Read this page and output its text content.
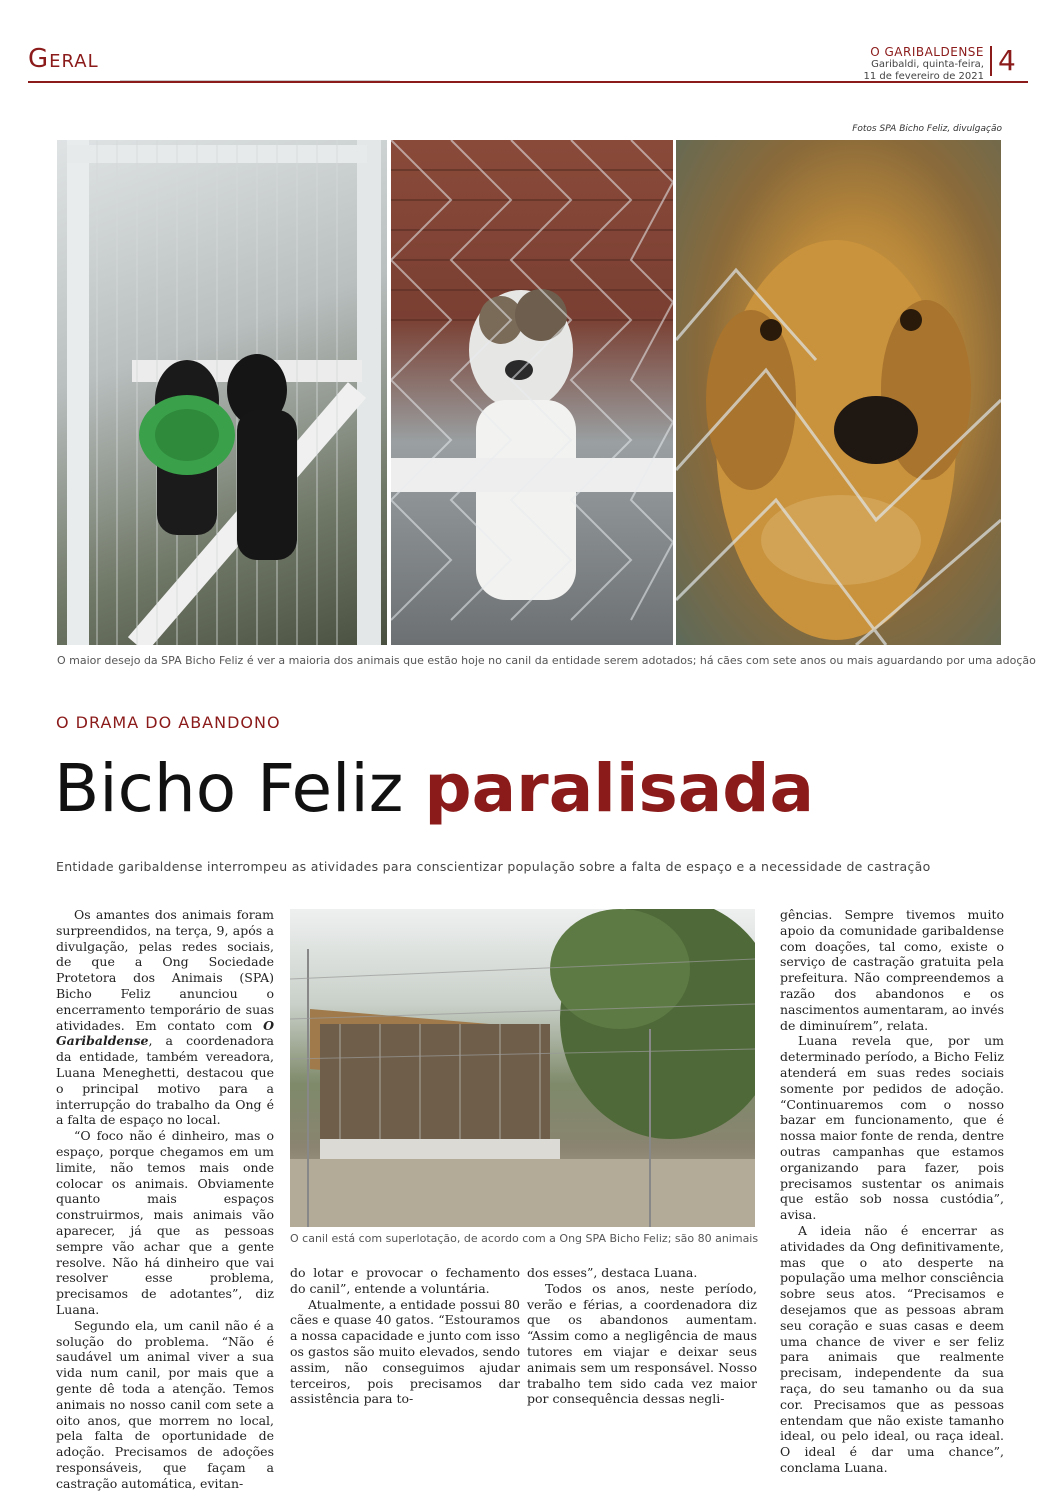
Geral	O GARIBALDENSE
Garibaldi, quinta-feira,
11 de fevereiro de 2021 4
Fotos SPA Bicho Feliz, divulgação
O maior desejo da SPA Bicho Feliz é ver a maioria dos animais que estão hoje no canil da entidade serem adotados; há cães com sete anos ou mais aguardando por uma adoção
O DRAMA DO ABANDONO
Bicho Feliz paralisada
Entidade garibaldense interrompeu as atividades para conscientizar população sobre a falta de espaço e a necessidade de castração

Os amantes dos animais foram surpreendidos, na terça, 9, após a divulgação, pelas redes sociais, de que a Ong Sociedade Protetora dos Animais (SPA) Bicho Feliz anunciou o encerramento temporário de suas atividades. Em contato com O Garibaldense, a coordenadora da entidade, também vereadora, Luana Meneghetti, destacou que o principal motivo para a interrupção do trabalho da Ong é a falta de espaço no local.

“O foco não é dinheiro, mas o espaço, porque chegamos em um limite, não temos mais onde colocar os animais. Obviamente quanto mais espaços construirmos, mais animais vão aparecer, já que as pessoas sempre vão achar que a gente resolve. Não há dinheiro que vai resolver esse problema, precisamos de adotantes”, diz Luana.

Segundo ela, um canil não é a solução do problema. “Não é saudável um animal viver a sua vida num canil, por mais que a gente dê toda a atenção. Temos animais no nosso canil com sete a oito anos, que morrem no local, pela falta de oportunidade de adoção. Precisamos de adoções responsáveis, que façam a castração automática, evitan-

O canil está com superlotação, de acordo com a Ong SPA Bicho Feliz; são 80 animais

do lotar e provocar o fechamento do canil”, entende a voluntária.

Atualmente, a entidade possui 80 cães e quase 40 gatos. “Estouramos a nossa capacidade e junto com isso os gastos são muito elevados, sendo assim, não conseguimos ajudar terceiros, pois precisamos dar assistência para to-

dos esses”, destaca Luana.

Todos os anos, neste período, verão e férias, a coordenadora diz que os abandonos aumentam. “Assim como a negligência de maus tutores em viajar e deixar seus animais sem um responsável. Nosso trabalho tem sido cada vez maior por consequência dessas negli-

gências. Sempre tivemos muito apoio da comunidade garibaldense com doações, tal como, existe o serviço de castração gratuita pela prefeitura. Não compreendemos a razão dos abandonos e os nascimentos aumentaram, ao invés de diminuírem”, relata.

Luana revela que, por um determinado período, a Bicho Feliz atenderá em suas redes sociais somente por pedidos de adoção. “Continuaremos com o nosso bazar em funcionamento, que é nossa maior fonte de renda, dentre outras campanhas que estamos organizando para fazer, pois precisamos sustentar os animais que estão sob nossa custódia”, avisa.

A ideia não é encerrar as atividades da Ong definitivamente, mas que o ato desperte na população uma melhor consciência sobre seus atos. “Precisamos e desejamos que as pessoas abram seu coração e suas casas e deem uma chance de viver e ser feliz para animais que realmente precisam, independente da sua raça, do seu tamanho ou da sua cor. Precisamos que as pessoas entendam que não existe tamanho ideal, ou pelo ideal, ou raça ideal. O ideal é dar uma chance”, conclama Luana.
